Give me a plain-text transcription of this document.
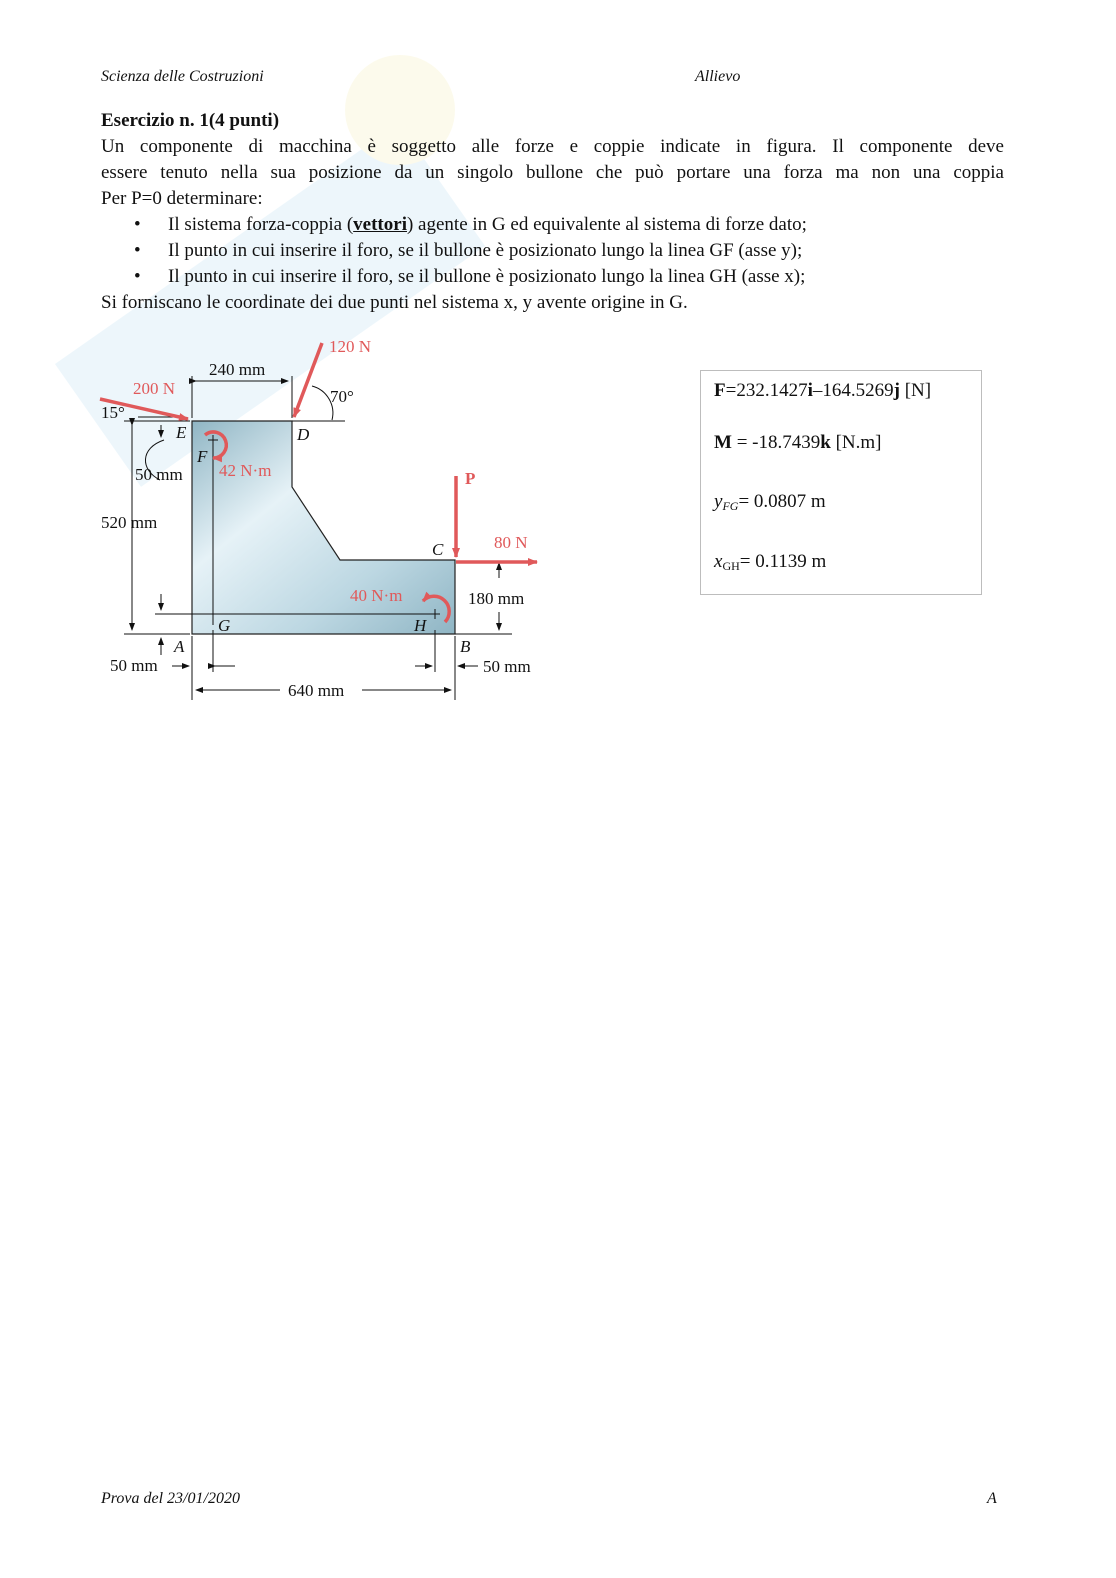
Scienza delle Costruzioni	Allievo

Esercizio n. 1(4 punti)

Un componente di macchina è soggetto alle forze e coppie indicate in figura. Il componente deve

essere tenuto nella sua posizione da un singolo bullone che può portare una forza ma non una coppia

Per P=0 determinare:

• Il sistema forza-coppia (vettori) agente in G ed equivalente al sistema di forze dato;
• Il punto in cui inserire il foro, se il bullone è posizionato lungo la linea GF (asse y);
• Il punto in cui inserire il foro, se il bullone è posizionato lungo la linea GH (asse x);

Si forniscano le coordinate dei due punti nel sistema x, y avente origine in G.

120 N
240 mm
200 N	70°
15°
E	D
F
42 N·m
50 mm	P
520 mm
C	80 N
40 N·m	180 mm
G	H
A	B
50 mm	50 mm
640 mm
F=232.1427i–164.5269j [N]
M = -18.7439k [N.m]
$y_{FG}= 0.0807$ m
$x_{GH}= 0.1139$ m
Prova del 23/01/2020	A
